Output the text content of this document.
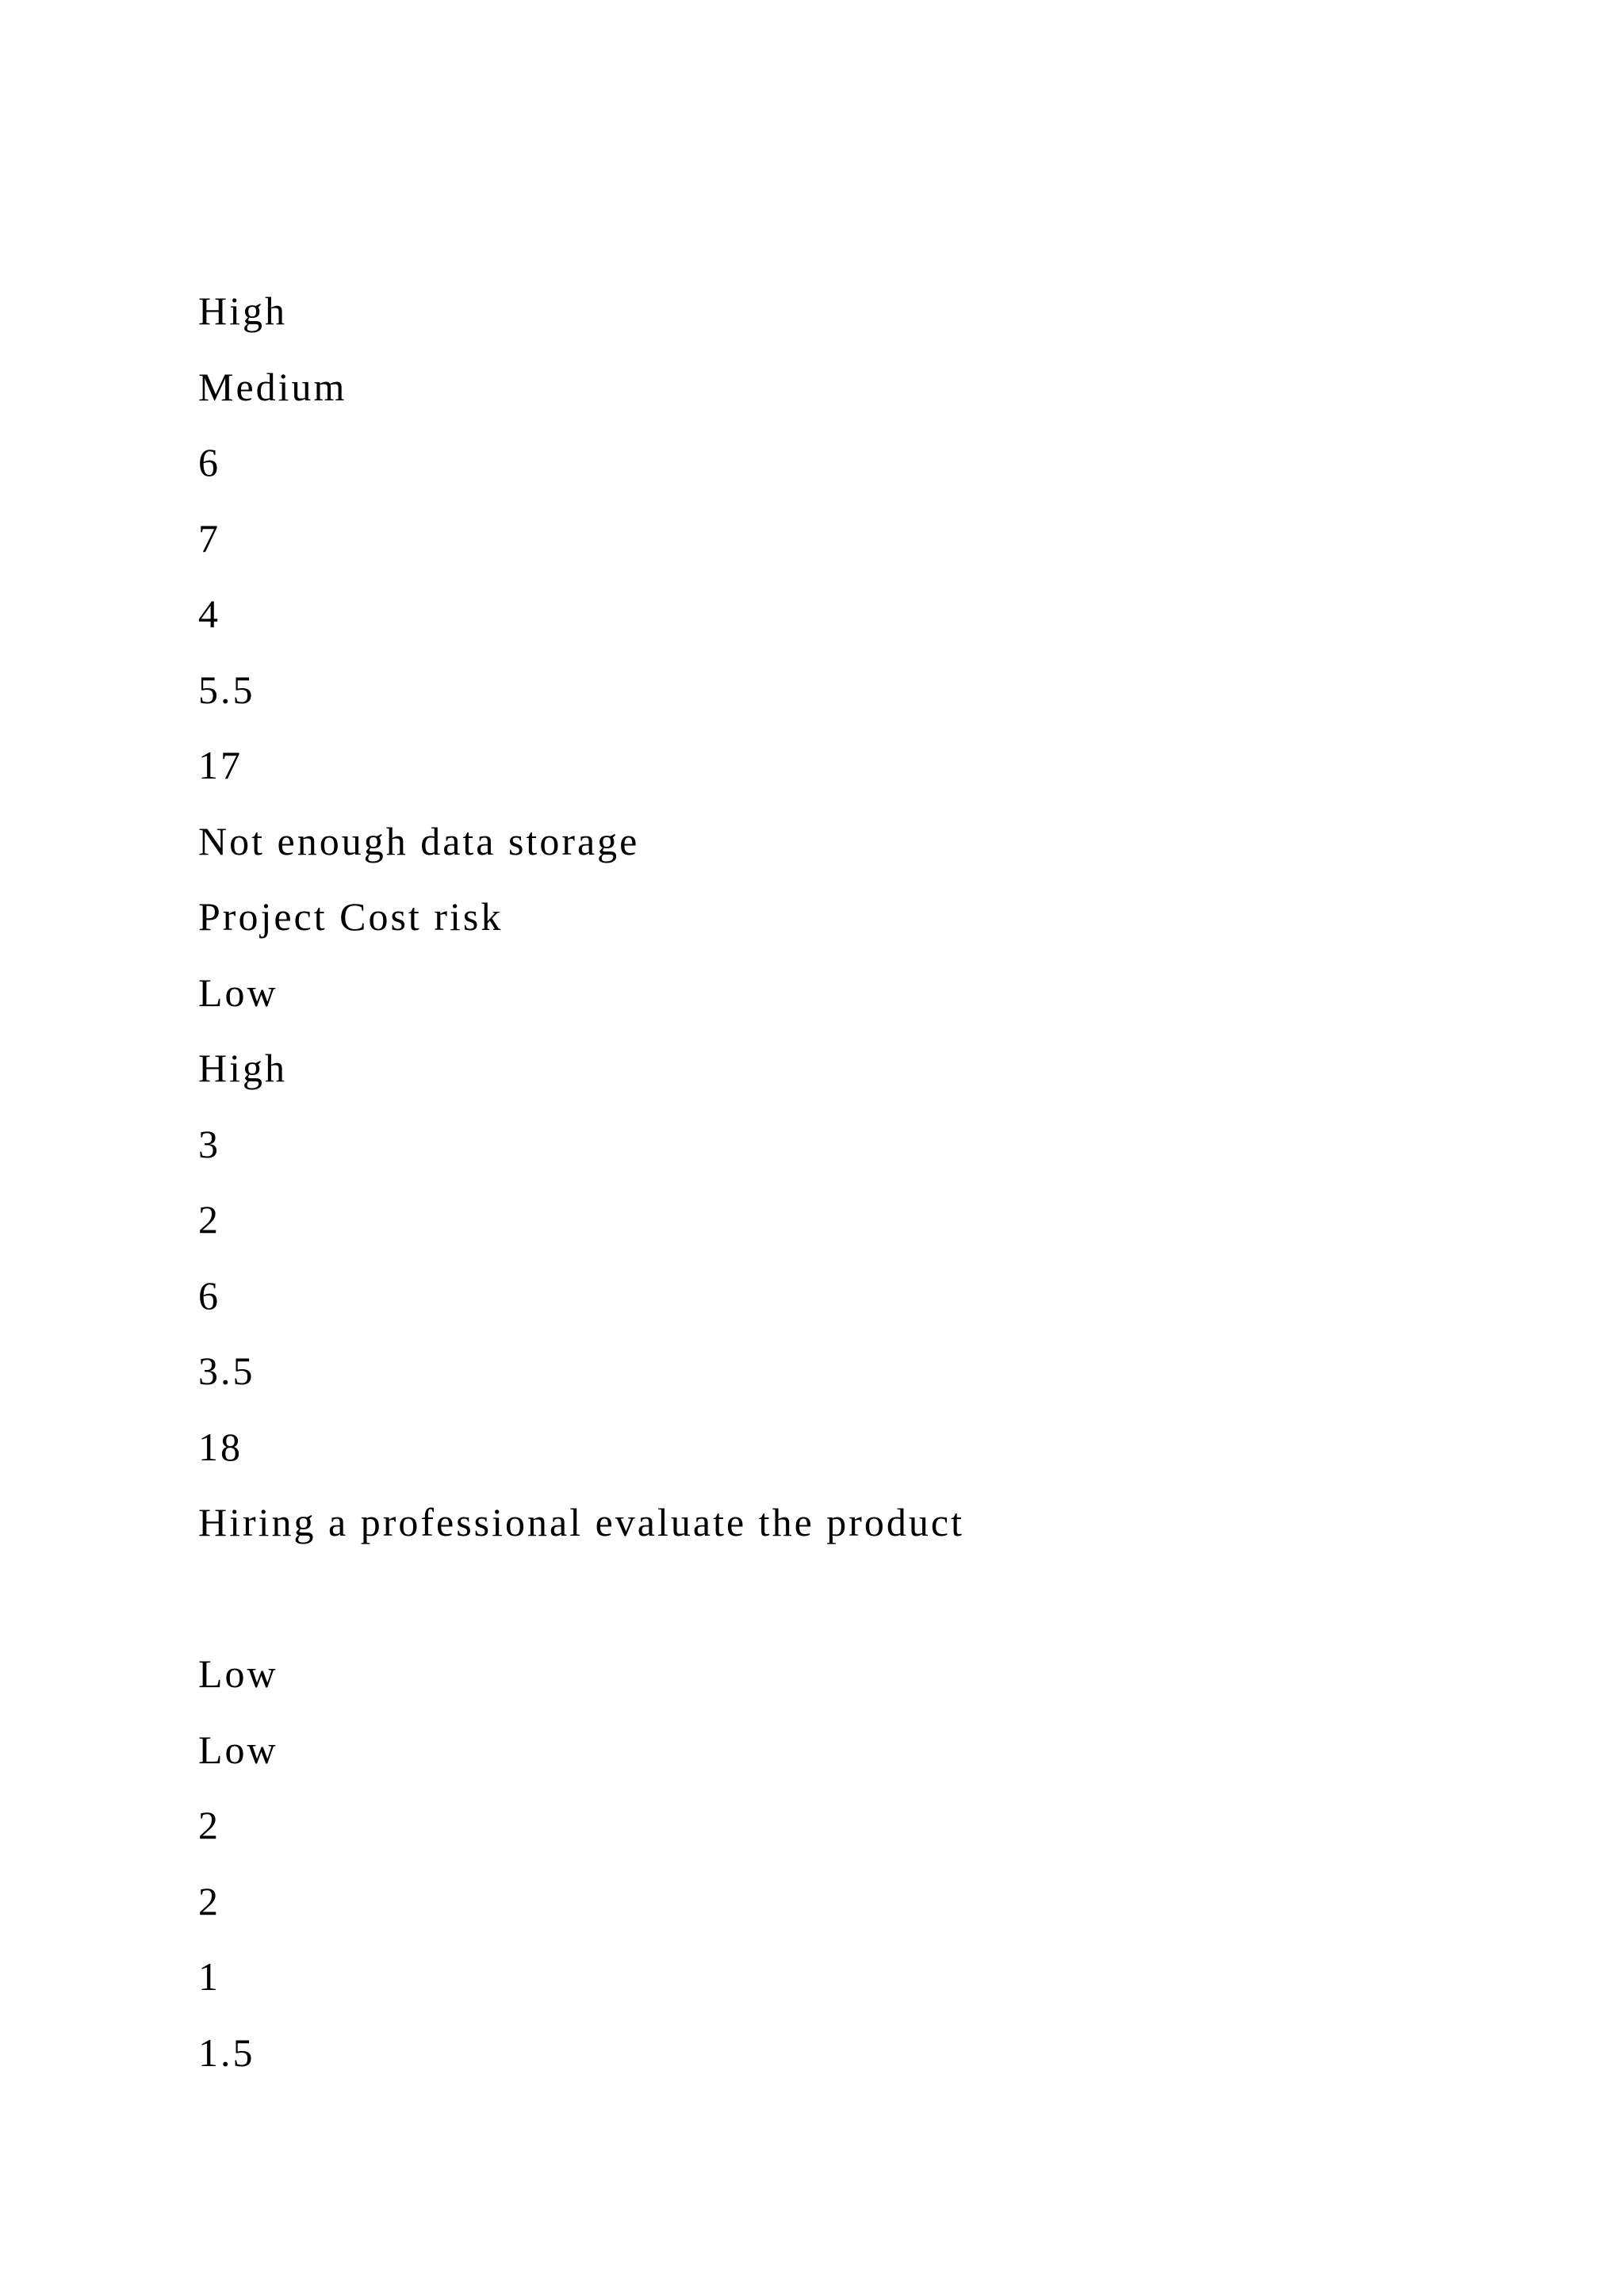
High
Medium
6
7
4
5.5
17
Not enough data storage
Project Cost risk
Low
High
3
2
6
3.5
18
Hiring a professional evaluate the product
Low
Low
2
2
1
1.5
